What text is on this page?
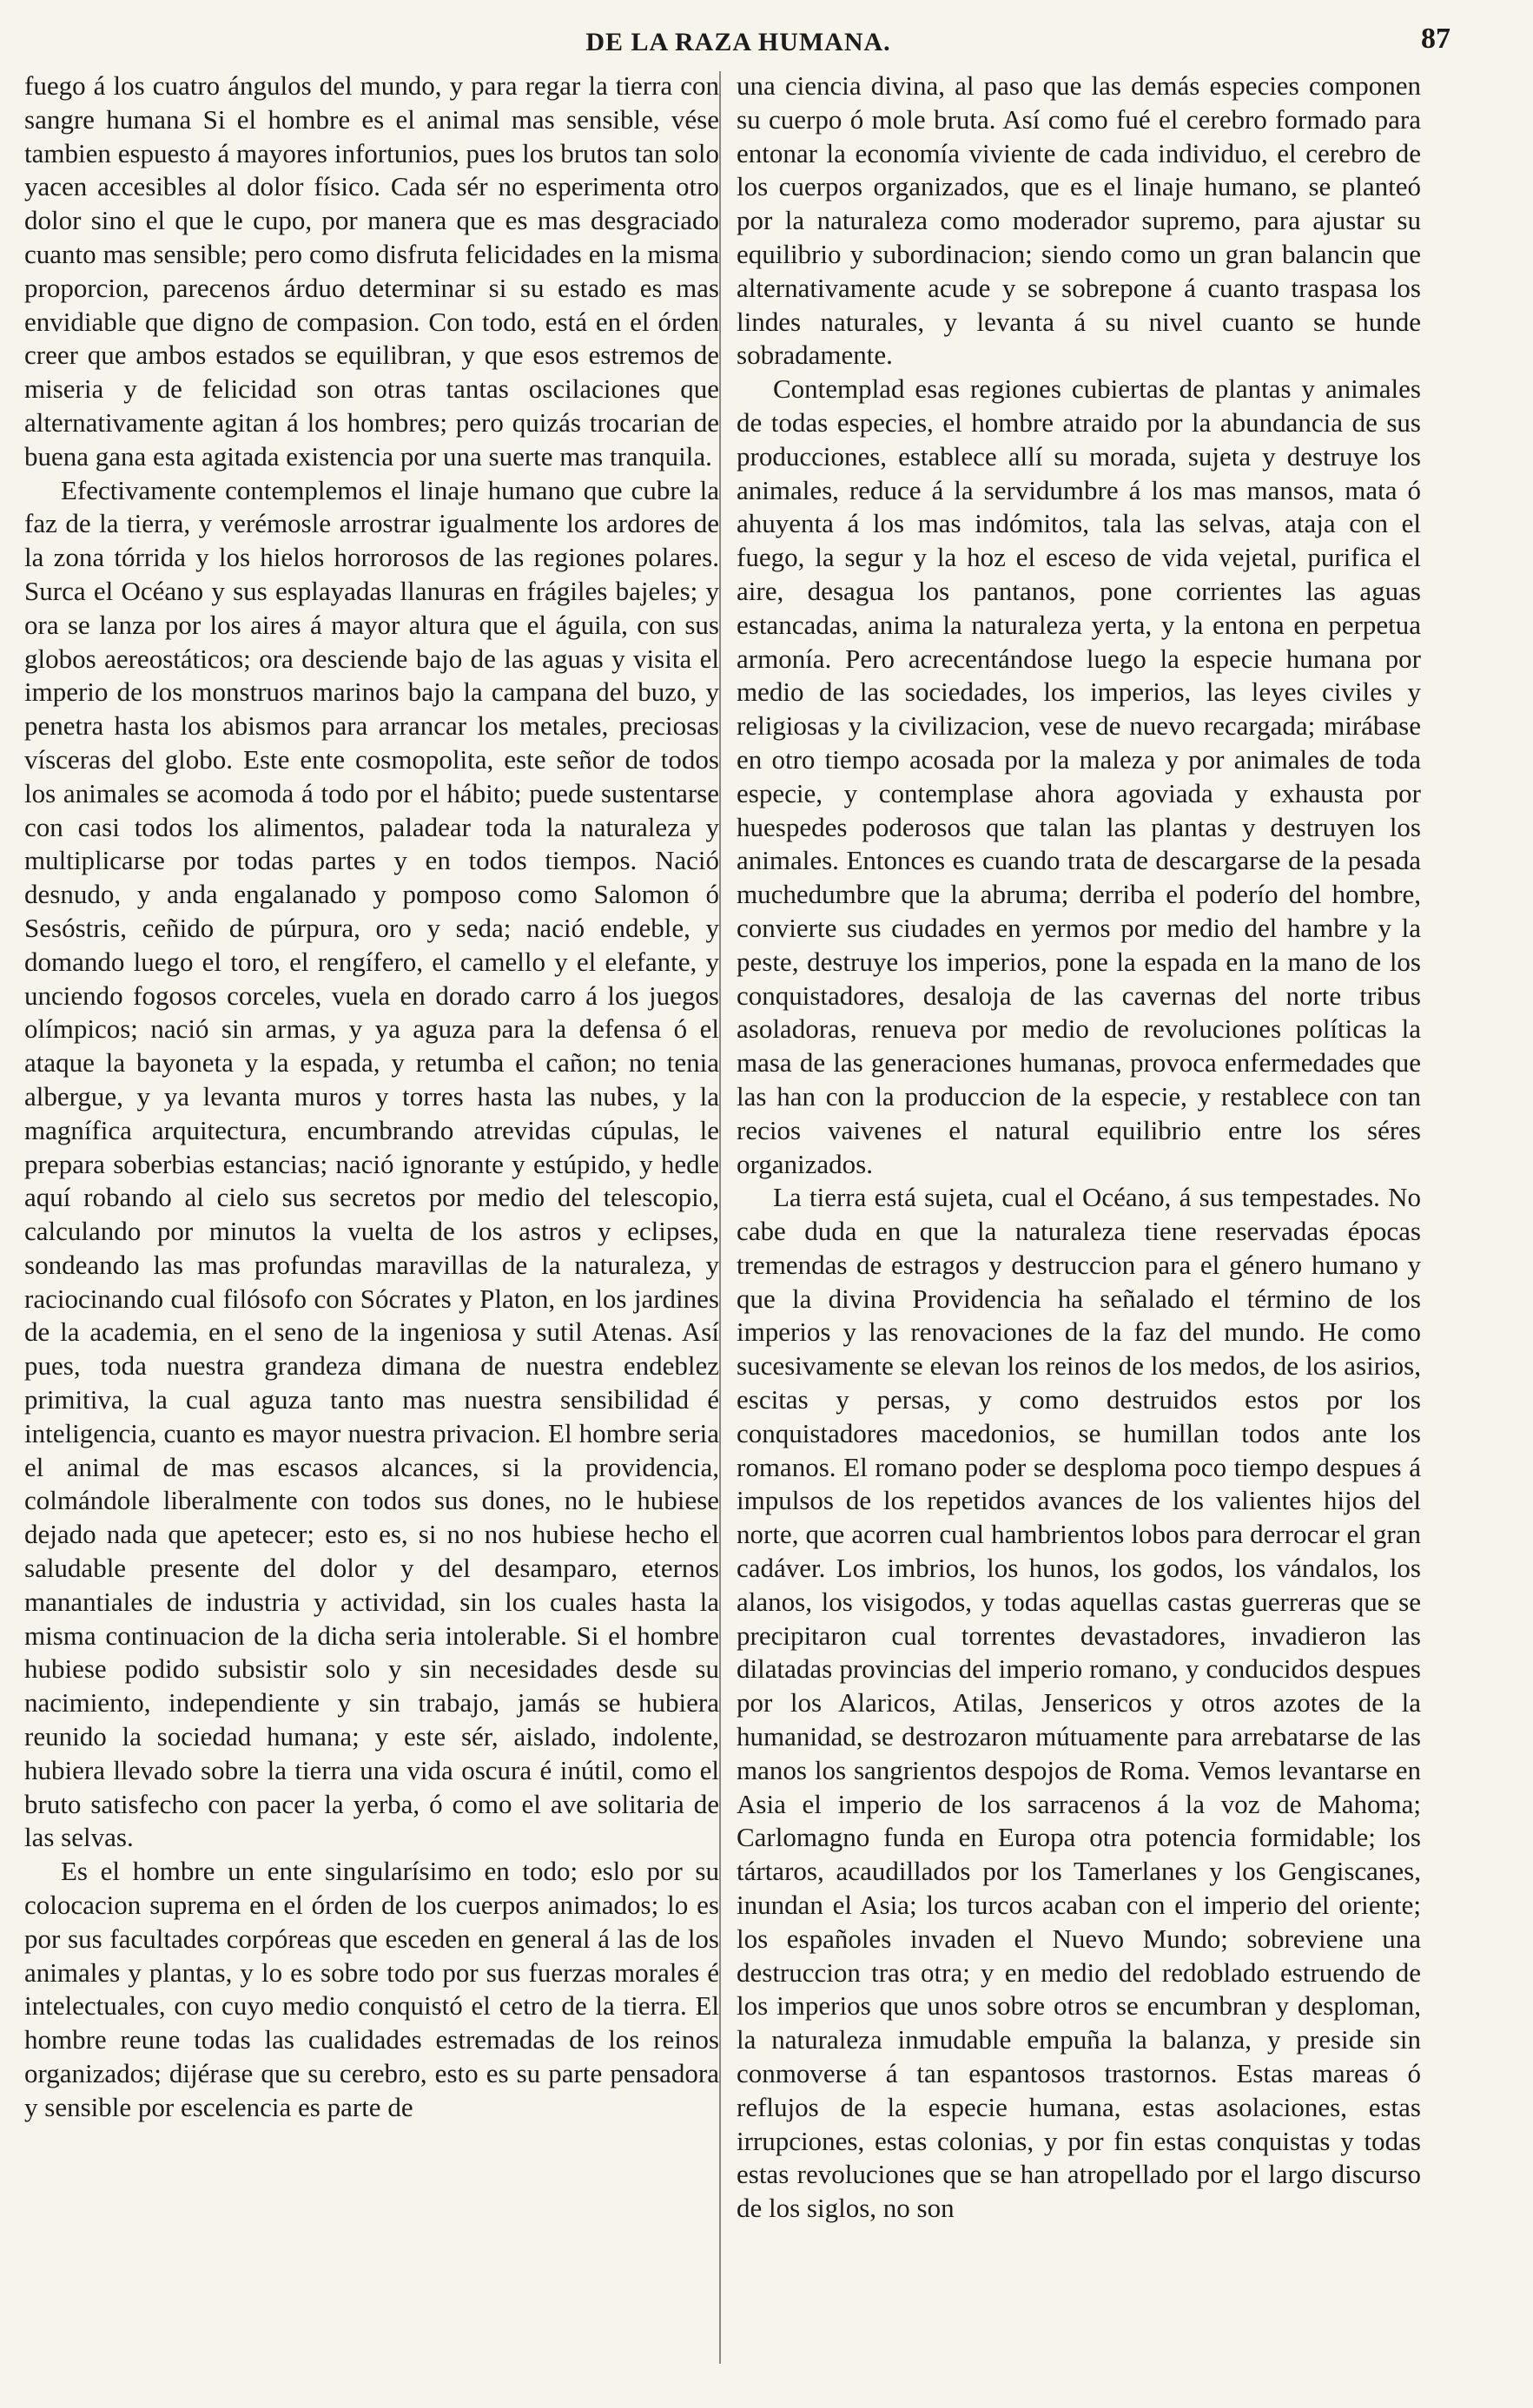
DE LA RAZA HUMANA.	87

fuego á los cuatro ángulos del mundo, y para regar la tierra con sangre humana Si el hombre es el animal mas sensible, vése tambien espuesto á mayores infortunios, pues los brutos tan solo yacen accesibles al dolor físico. Cada sér no esperimenta otro dolor sino el que le cupo, por manera que es mas desgraciado cuanto mas sensible; pero como disfruta felicidades en la misma proporcion, parecenos árduo determinar si su estado es mas envidiable que digno de compasion. Con todo, está en el órden creer que ambos estados se equilibran, y que esos estremos de miseria y de felicidad son otras tantas oscilaciones que alternativamente agitan á los hombres; pero quizás trocarian de buena gana esta agitada existencia por una suerte mas tranquila.

Efectivamente contemplemos el linaje humano que cubre la faz de la tierra, y verémosle arrostrar igualmente los ardores de la zona tórrida y los hielos horrorosos de las regiones polares. Surca el Océano y sus esplayadas llanuras en frágiles bajeles; y ora se lanza por los aires á mayor altura que el águila, con sus globos aereostáticos; ora desciende bajo de las aguas y visita el imperio de los monstruos marinos bajo la campana del buzo, y penetra hasta los abismos para arrancar los metales, preciosas vísceras del globo. Este ente cosmopolita, este señor de todos los animales se acomoda á todo por el hábito; puede sustentarse con casi todos los alimentos, paladear toda la naturaleza y multiplicarse por todas partes y en todos tiempos. Nació desnudo, y anda engalanado y pomposo como Salomon ó Sesóstris, ceñido de púrpura, oro y seda; nació endeble, y domando luego el toro, el rengífero, el camello y el elefante, y unciendo fogosos corceles, vuela en dorado carro á los juegos olímpicos; nació sin armas, y ya aguza para la defensa ó el ataque la bayoneta y la espada, y retumba el cañon; no tenia albergue, y ya levanta muros y torres hasta las nubes, y la magnífica arquitectura, encumbrando atrevidas cúpulas, le prepara soberbias estancias; nació ignorante y estúpido, y hedle aquí robando al cielo sus secretos por medio del telescopio, calculando por minutos la vuelta de los astros y eclipses, sondeando las mas profundas maravillas de la naturaleza, y raciocinando cual filósofo con Sócrates y Platon, en los jardines de la academia, en el seno de la ingeniosa y sutil Atenas. Así pues, toda nuestra grandeza dimana de nuestra endeblez primitiva, la cual aguza tanto mas nuestra sensibilidad é inteligencia, cuanto es mayor nuestra privacion. El hombre seria el animal de mas escasos alcances, si la providencia, colmándole liberalmente con todos sus dones, no le hubiese dejado nada que apetecer; esto es, si no nos hubiese hecho el saludable presente del dolor y del desamparo, eternos manantiales de industria y actividad, sin los cuales hasta la misma continuacion de la dicha seria intolerable. Si el hombre hubiese podido subsistir solo y sin necesidades desde su nacimiento, independiente y sin trabajo, jamás se hubiera reunido la sociedad humana; y este sér, aislado, indolente, hubiera llevado sobre la tierra una vida oscura é inútil, como el bruto satisfecho con pacer la yerba, ó como el ave solitaria de las selvas.

Es el hombre un ente singularísimo en todo; eslo por su colocacion suprema en el órden de los cuerpos animados; lo es por sus facultades corpóreas que esceden en general á las de los animales y plantas, y lo es sobre todo por sus fuerzas morales é intelectuales, con cuyo medio conquistó el cetro de la tierra. El hombre reune todas las cualidades estremadas de los reinos organizados; dijérase que su cerebro, esto es su parte pensadora y sensible por escelencia es parte de

una ciencia divina, al paso que las demás especies componen su cuerpo ó mole bruta. Así como fué el cerebro formado para entonar la economía viviente de cada individuo, el cerebro de los cuerpos organizados, que es el linaje humano, se planteó por la naturaleza como moderador supremo, para ajustar su equilibrio y subordinacion; siendo como un gran balancin que alternativamente acude y se sobrepone á cuanto traspasa los lindes naturales, y levanta á su nivel cuanto se hunde sobradamente.

Contemplad esas regiones cubiertas de plantas y animales de todas especies, el hombre atraido por la abundancia de sus producciones, establece allí su morada, sujeta y destruye los animales, reduce á la servidumbre á los mas mansos, mata ó ahuyenta á los mas indómitos, tala las selvas, ataja con el fuego, la segur y la hoz el esceso de vida vejetal, purifica el aire, desagua los pantanos, pone corrientes las aguas estancadas, anima la naturaleza yerta, y la entona en perpetua armonía. Pero acrecentándose luego la especie humana por medio de las sociedades, los imperios, las leyes civiles y religiosas y la civilizacion, vese de nuevo recargada; mirábase en otro tiempo acosada por la maleza y por animales de toda especie, y contemplase ahora agoviada y exhausta por huespedes poderosos que talan las plantas y destruyen los animales. Entonces es cuando trata de descargarse de la pesada muchedumbre que la abruma; derriba el poderío del hombre, convierte sus ciudades en yermos por medio del hambre y la peste, destruye los imperios, pone la espada en la mano de los conquistadores, desaloja de las cavernas del norte tribus asoladoras, renueva por medio de revoluciones políticas la masa de las generaciones humanas, provoca enfermedades que las han con la produccion de la especie, y restablece con tan recios vaivenes el natural equilibrio entre los séres organizados.

La tierra está sujeta, cual el Océano, á sus tempestades. No cabe duda en que la naturaleza tiene reservadas épocas tremendas de estragos y destruccion para el género humano y que la divina Providencia ha señalado el término de los imperios y las renovaciones de la faz del mundo. He como sucesivamente se elevan los reinos de los medos, de los asirios, escitas y persas, y como destruidos estos por los conquistadores macedonios, se humillan todos ante los romanos. El romano poder se desploma poco tiempo despues á impulsos de los repetidos avances de los valientes hijos del norte, que acorren cual hambrientos lobos para derrocar el gran cadáver. Los imbrios, los hunos, los godos, los vándalos, los alanos, los visigodos, y todas aquellas castas guerreras que se precipitaron cual torrentes devastadores, invadieron las dilatadas provincias del imperio romano, y conducidos despues por los Alaricos, Atilas, Jensericos y otros azotes de la humanidad, se destrozaron mútuamente para arrebatarse de las manos los sangrientos despojos de Roma. Vemos levantarse en Asia el imperio de los sarracenos á la voz de Mahoma; Carlomagno funda en Europa otra potencia formidable; los tártaros, acaudillados por los Tamerlanes y los Gengiscanes, inundan el Asia; los turcos acaban con el imperio del oriente; los españoles invaden el Nuevo Mundo; sobreviene una destruccion tras otra; y en medio del redoblado estruendo de los imperios que unos sobre otros se encumbran y desploman, la naturaleza inmudable empuña la balanza, y preside sin conmoverse á tan espantosos trastornos. Estas mareas ó reflujos de la especie humana, estas asolaciones, estas irrupciones, estas colonias, y por fin estas conquistas y todas estas revoluciones que se han atropellado por el largo discurso de los siglos, no son
